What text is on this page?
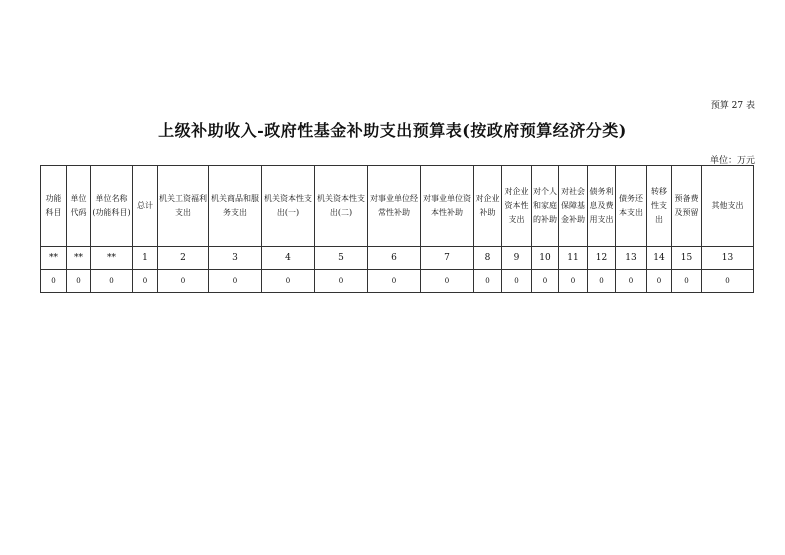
预算 27 表
上级补助收入-政府性基金补助支出预算表(按政府预算经济分类)
单位：万元
功能科目	单位代码	单位名称(功能科目)	总计	机关工资福利支出	机关商品和服务支出	机关资本性支出(一)	机关资本性支出(二)	对事业单位经常性补助	对事业单位资本性补助	对企业补助	对企业资本性支出	对个人和家庭的补助	对社会保障基金补助	债务利息及费用支出	债务还本支出	转移性支出	预备费及预留	其他支出
**	**	**	1	2	3	4	5	6	7	8	9	10	11	12	13	14	15	13
0	0	0	0	0	0	0	0	0	0	0	0	0	0	0	0	0	0	0
